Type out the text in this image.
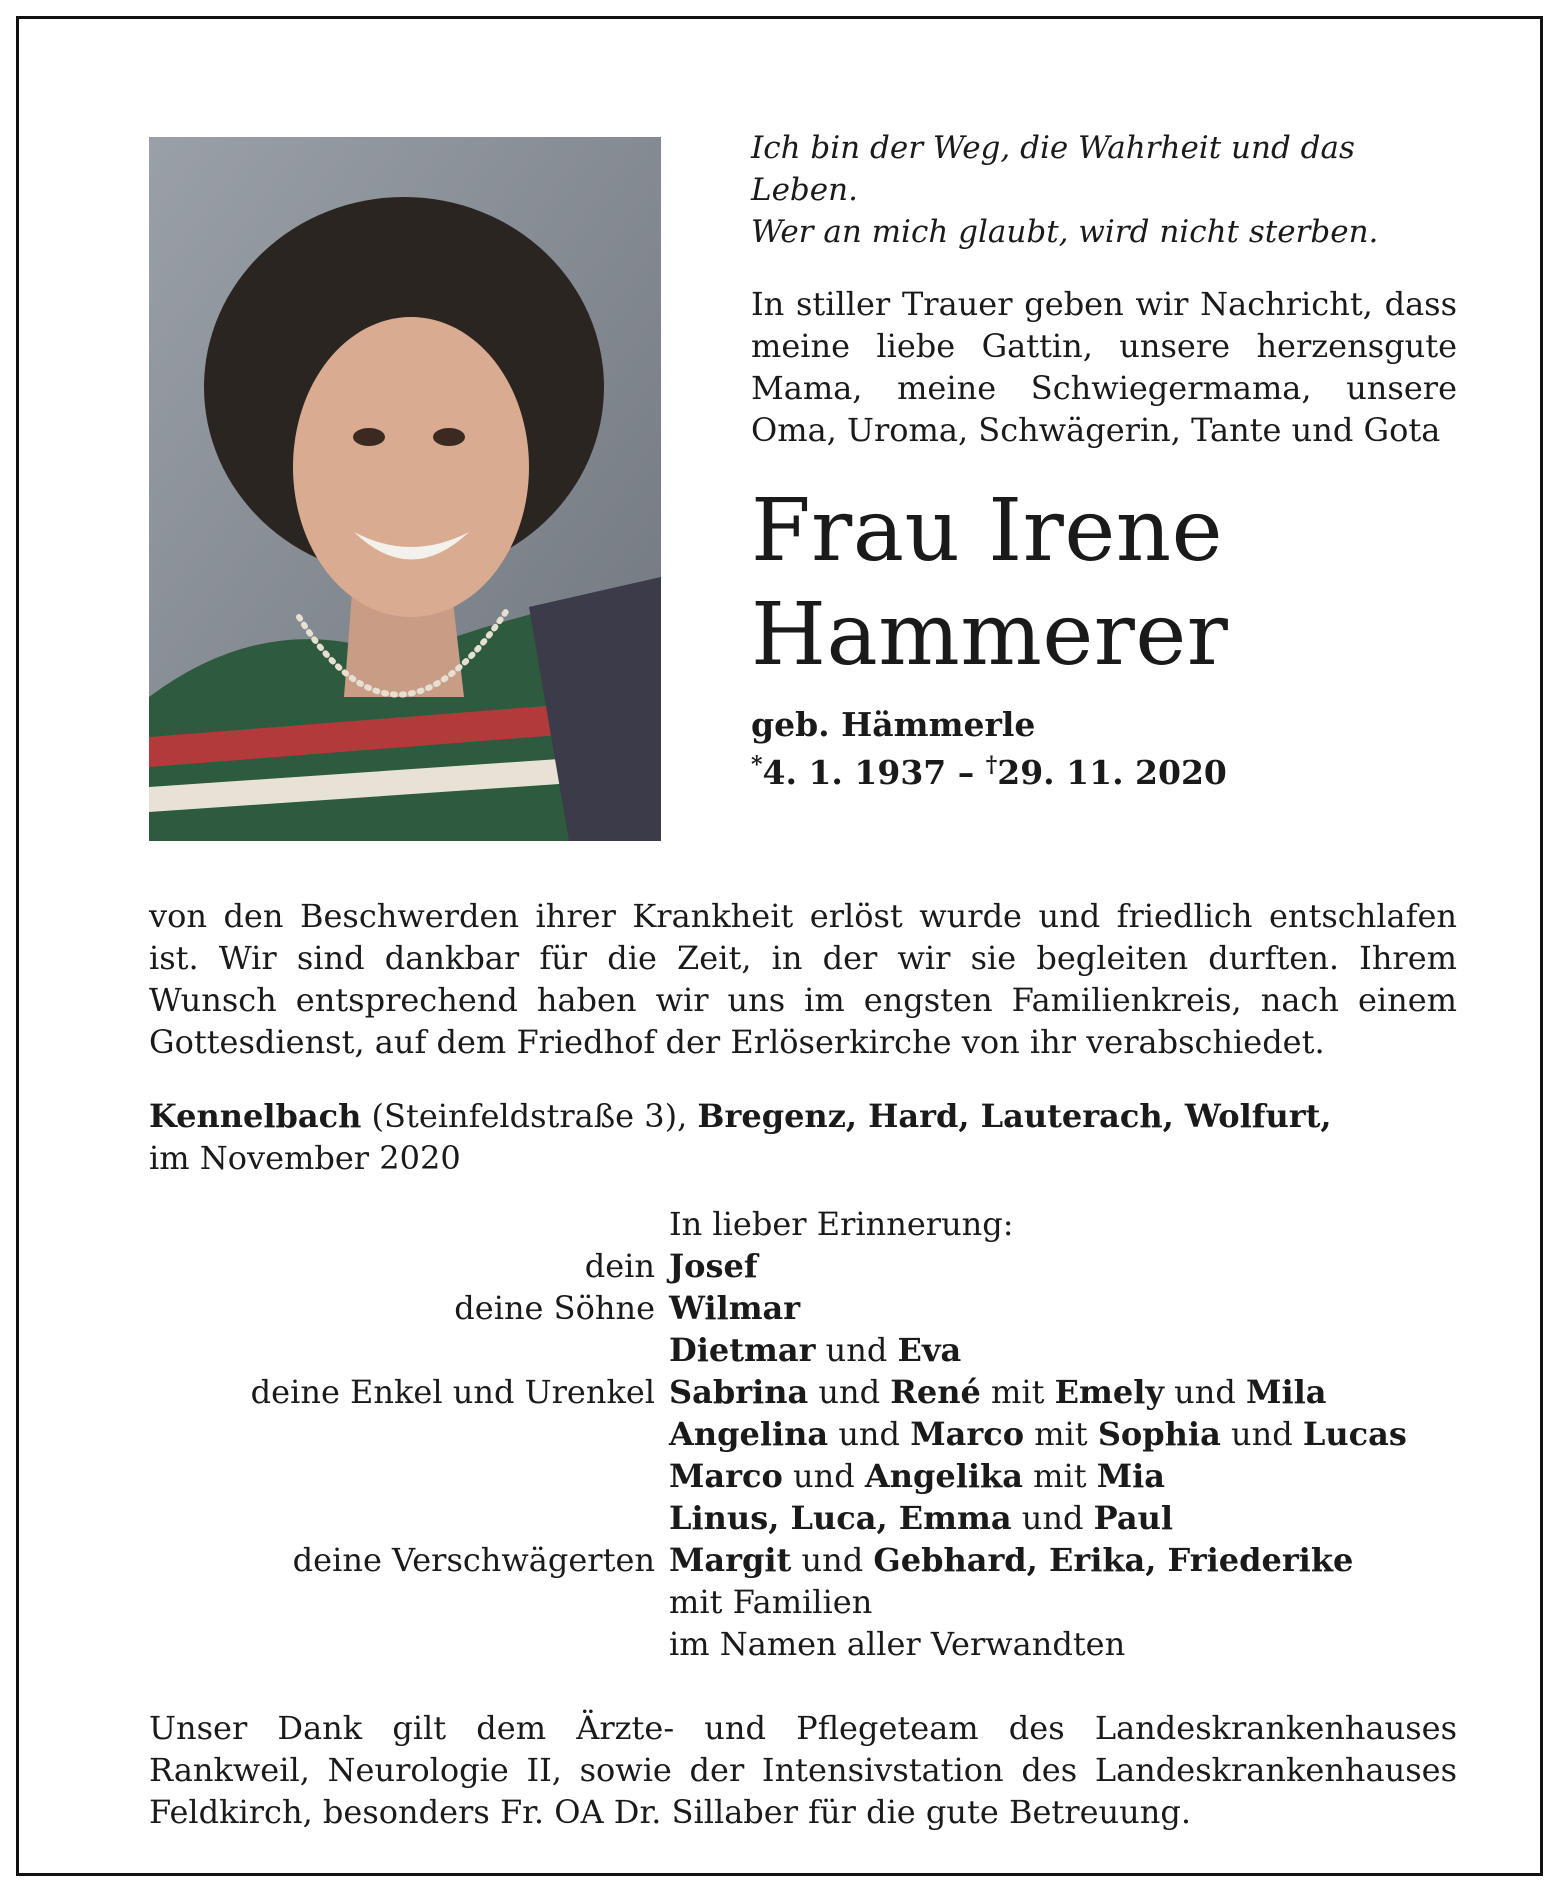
Ich bin der Weg, die Wahrheit und das Leben.
Wer an mich glaubt, wird nicht sterben.

In stiller Trauer geben wir Nachricht, dass meine liebe Gattin, unsere herzensgute Mama, meine Schwiegermama, unsere Oma, Uroma, Schwägerin, Tante und Gota

Frau Irene
Hammerer

geb. Hämmerle

*4. 1. 1937 – †29. 11. 2020

von den Beschwerden ihrer Krankheit erlöst wurde und friedlich entschlafen ist. Wir sind dankbar für die Zeit, in der wir sie begleiten durften. Ihrem Wunsch entsprechend haben wir uns im engsten Familienkreis, nach einem Gottesdienst, auf dem Friedhof der Erlöserkirche von ihr verabschiedet.

Kennelbach (Steinfeldstraße 3), Bregenz, Hard, Lauterach, Wolfurt,
im November 2020
In lieber Erinnerung:
dein Josef
deine Söhne Wilmar
Dietmar und Eva
deine Enkel und Urenkel Sabrina und René mit Emely und Mila
Angelina und Marco mit Sophia und Lucas
Marco und Angelika mit Mia
Linus, Luca, Emma und Paul
deine Verschwägerten Margit und Gebhard, Erika, Friederike
mit Familien
im Namen aller Verwandten

Unser Dank gilt dem Ärzte- und Pflegeteam des Landeskrankenhauses Rankweil, Neurologie II, sowie der Intensivstation des Landeskrankenhauses Feldkirch, besonders Fr. OA Dr. Sillaber für die gute Betreuung.
